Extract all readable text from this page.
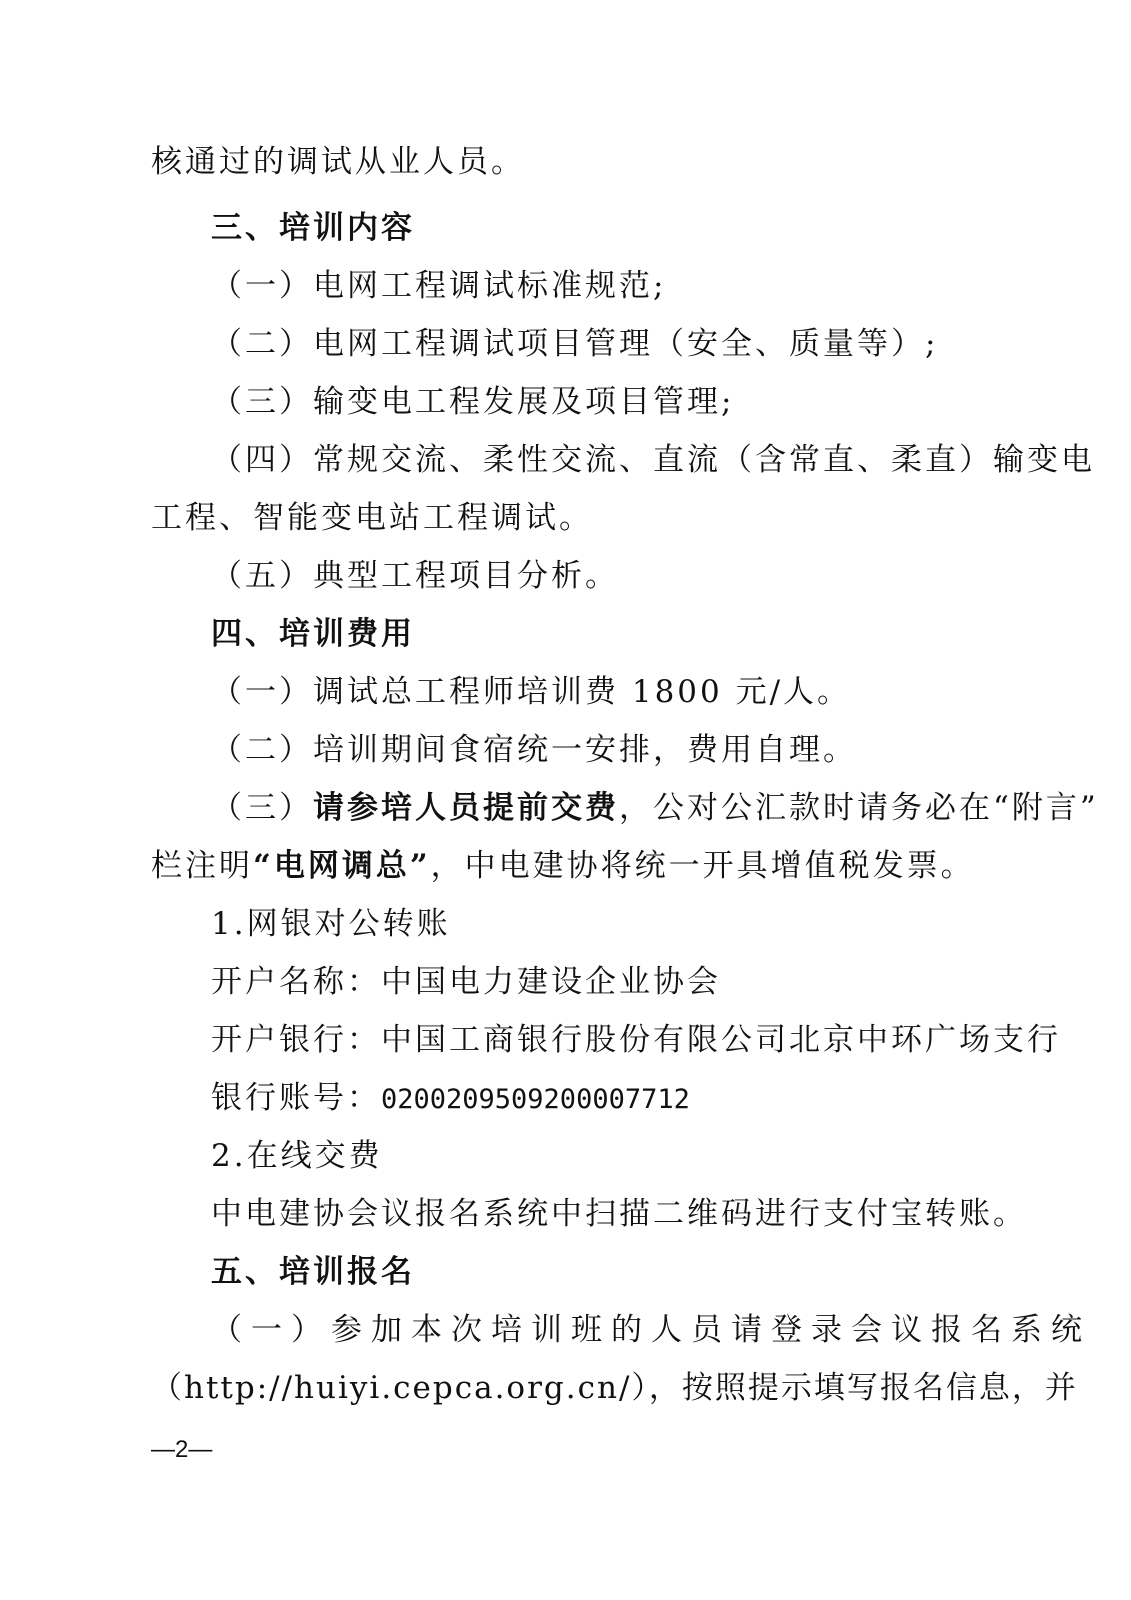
核通过的调试从业人员。
三、培训内容
（一）电网工程调试标准规范;
（二）电网工程调试项目管理（安全、质量等）;
（三）输变电工程发展及项目管理;
（四）常规交流、柔性交流、直流（含常直、柔直）输变电
工程、智能变电站工程调试。
（五）典型工程项目分析。
四、培训费用
（一）调试总工程师培训费 1800 元/人。
（二）培训期间食宿统一安排，费用自理。
（三）请参培人员提前交费，公对公汇款时请务必在“附言”
栏注明“电网调总”，中电建协将统一开具增值税发票。
1.网银对公转账
开户名称：中国电力建设企业协会
开户银行：中国工商银行股份有限公司北京中环广场支行
银行账号：0200209509200007712
2.在线交费
中电建协会议报名系统中扫描二维码进行支付宝转账。
五、培训报名
（一）参加本次培训班的人员请登录会议报名系统
（http://huiyi.cepca.org.cn/），按照提示填写报名信息，并
—2—
